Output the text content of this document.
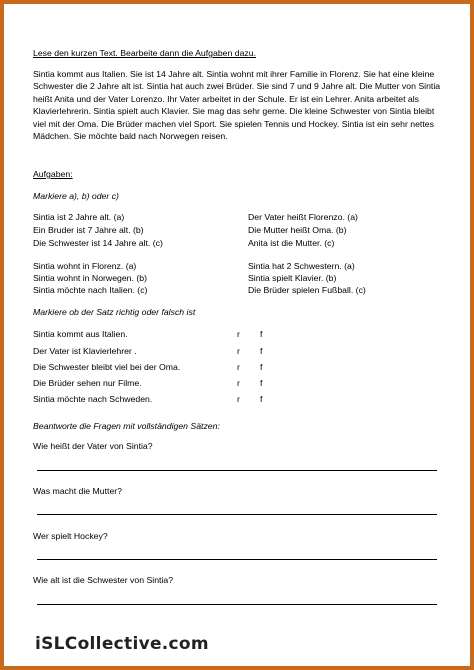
Lese den kurzen Text. Bearbeite dann die Aufgaben dazu.
Sintia kommt aus Italien. Sie ist 14 Jahre alt. Sintia wohnt mit ihrer Familie in Florenz. Sie hat eine kleine Schwester die 2 Jahre alt ist. Sintia hat auch zwei Brüder. Sie sind 7 und 9 Jahre alt. Die Mutter von Sintia heißt Anita und der Vater Lorenzo. Ihr Vater arbeitet in der Schule. Er ist ein Lehrer. Anita arbeitet als Klavierlehrerin. Sintia spielt auch Klavier. Sie mag das sehr gerne. Die kleine Schwester von Sintia bleibt viel mit der Oma. Die Brüder machen viel Sport. Sie spielen Tennis und Hockey. Sintia ist ein sehr nettes Mädchen. Sie möchte bald nach Norwegen reisen.
Aufgaben:
Markiere a), b) oder c)
Sintia ist 2 Jahre alt. (a)
Ein Bruder ist 7 Jahre alt. (b)
Die Schwester ist 14 Jahre alt. (c)
Sintia wohnt in Florenz. (a)
Sintia wohnt in Norwegen. (b)
Sintia möchte nach Italien. (c)
Der Vater heißt Florenzo. (a)
Die Mutter heißt Oma. (b)
Anita ist die Mutter. (c)
Sintia hat 2 Schwestern. (a)
Sintia spielt Klavier. (b)
Die Brüder spielen Fußball. (c)
Markiere ob der Satz richtig oder falsch ist
Sintia kommt aus Italien.	r f
Der Vater ist Klavierlehrer .	r f
Die Schwester bleibt viel bei der Oma.	r f
Die Brüder sehen nur Filme.	r f
Sintia möchte nach Schweden.	r f
Beantworte die Fragen mit vollständigen Sätzen:
Wie heißt der Vater von Sintia?
Was macht die Mutter?
Wer spielt Hockey?
Wie alt ist die Schwester von Sintia?
iSLCollective.com
